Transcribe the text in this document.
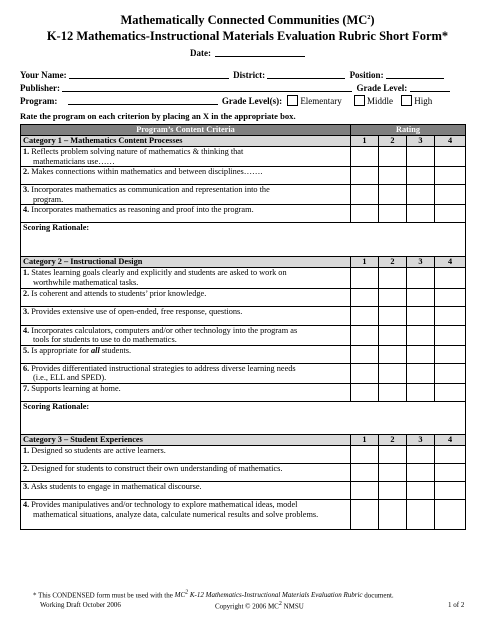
Mathematically Connected Communities $(MC^2)$
K-12 Mathematics-Instructional Materials Evaluation Rubric Short Form*
Date:
Your Name:	District:	Position:
Publisher:	Grade Level:
Program:	Grade Level(s): Elementary	Middle High
Rate the program on each criterion by placing an X in the appropriate box.
Program’s Content Criteria	Rating			
Category 1 – Mathematics Content Processes	1	2	3	4
1. Reflects problem solving nature of mathematics & thinking that
mathematicians use……				

2. Makes connections within mathematics and between disciplines…….				
3. Incorporates mathematics as communication and representation into the
program.				

4. Incorporates mathematics as reasoning and proof into the program.				
Scoring Rationale:				
Category 2 – Instructional Design	1	2	3	4
1. States learning goals clearly and explicitly and students are asked to work on
worthwhile mathematical tasks.				

2. Is coherent and attends to students’ prior knowledge.				
3. Provides extensive use of open-ended, free response, questions.				
4. Incorporates calculators, computers and/or other technology into the program as
tools for students to use to do mathematics.				

5. Is appropriate for all students.				
6. Provides differentiated instructional strategies to address diverse learning needs
(i.e., ELL and SPED).				

7. Supports learning at home.				
Scoring Rationale:				
Category 3 – Student Experiences	1	2	3	4
1. Designed so students are active learners.				
2. Designed for students to construct their own understanding of mathematics.				
3. Asks students to engage in mathematical discourse.				
4. Provides manipulatives and/or technology to explore mathematical ideas, model
mathematical situations, analyze data, calculate numerical results and solve problems.				

* This CONDENSED form must be used with the $MC^2$ K-12 Mathematics-Instructional Materials Evaluation Rubric document.
Working Draft October 2006	Copyright © 2006 $MC^2$ NMSU	1 of 2
